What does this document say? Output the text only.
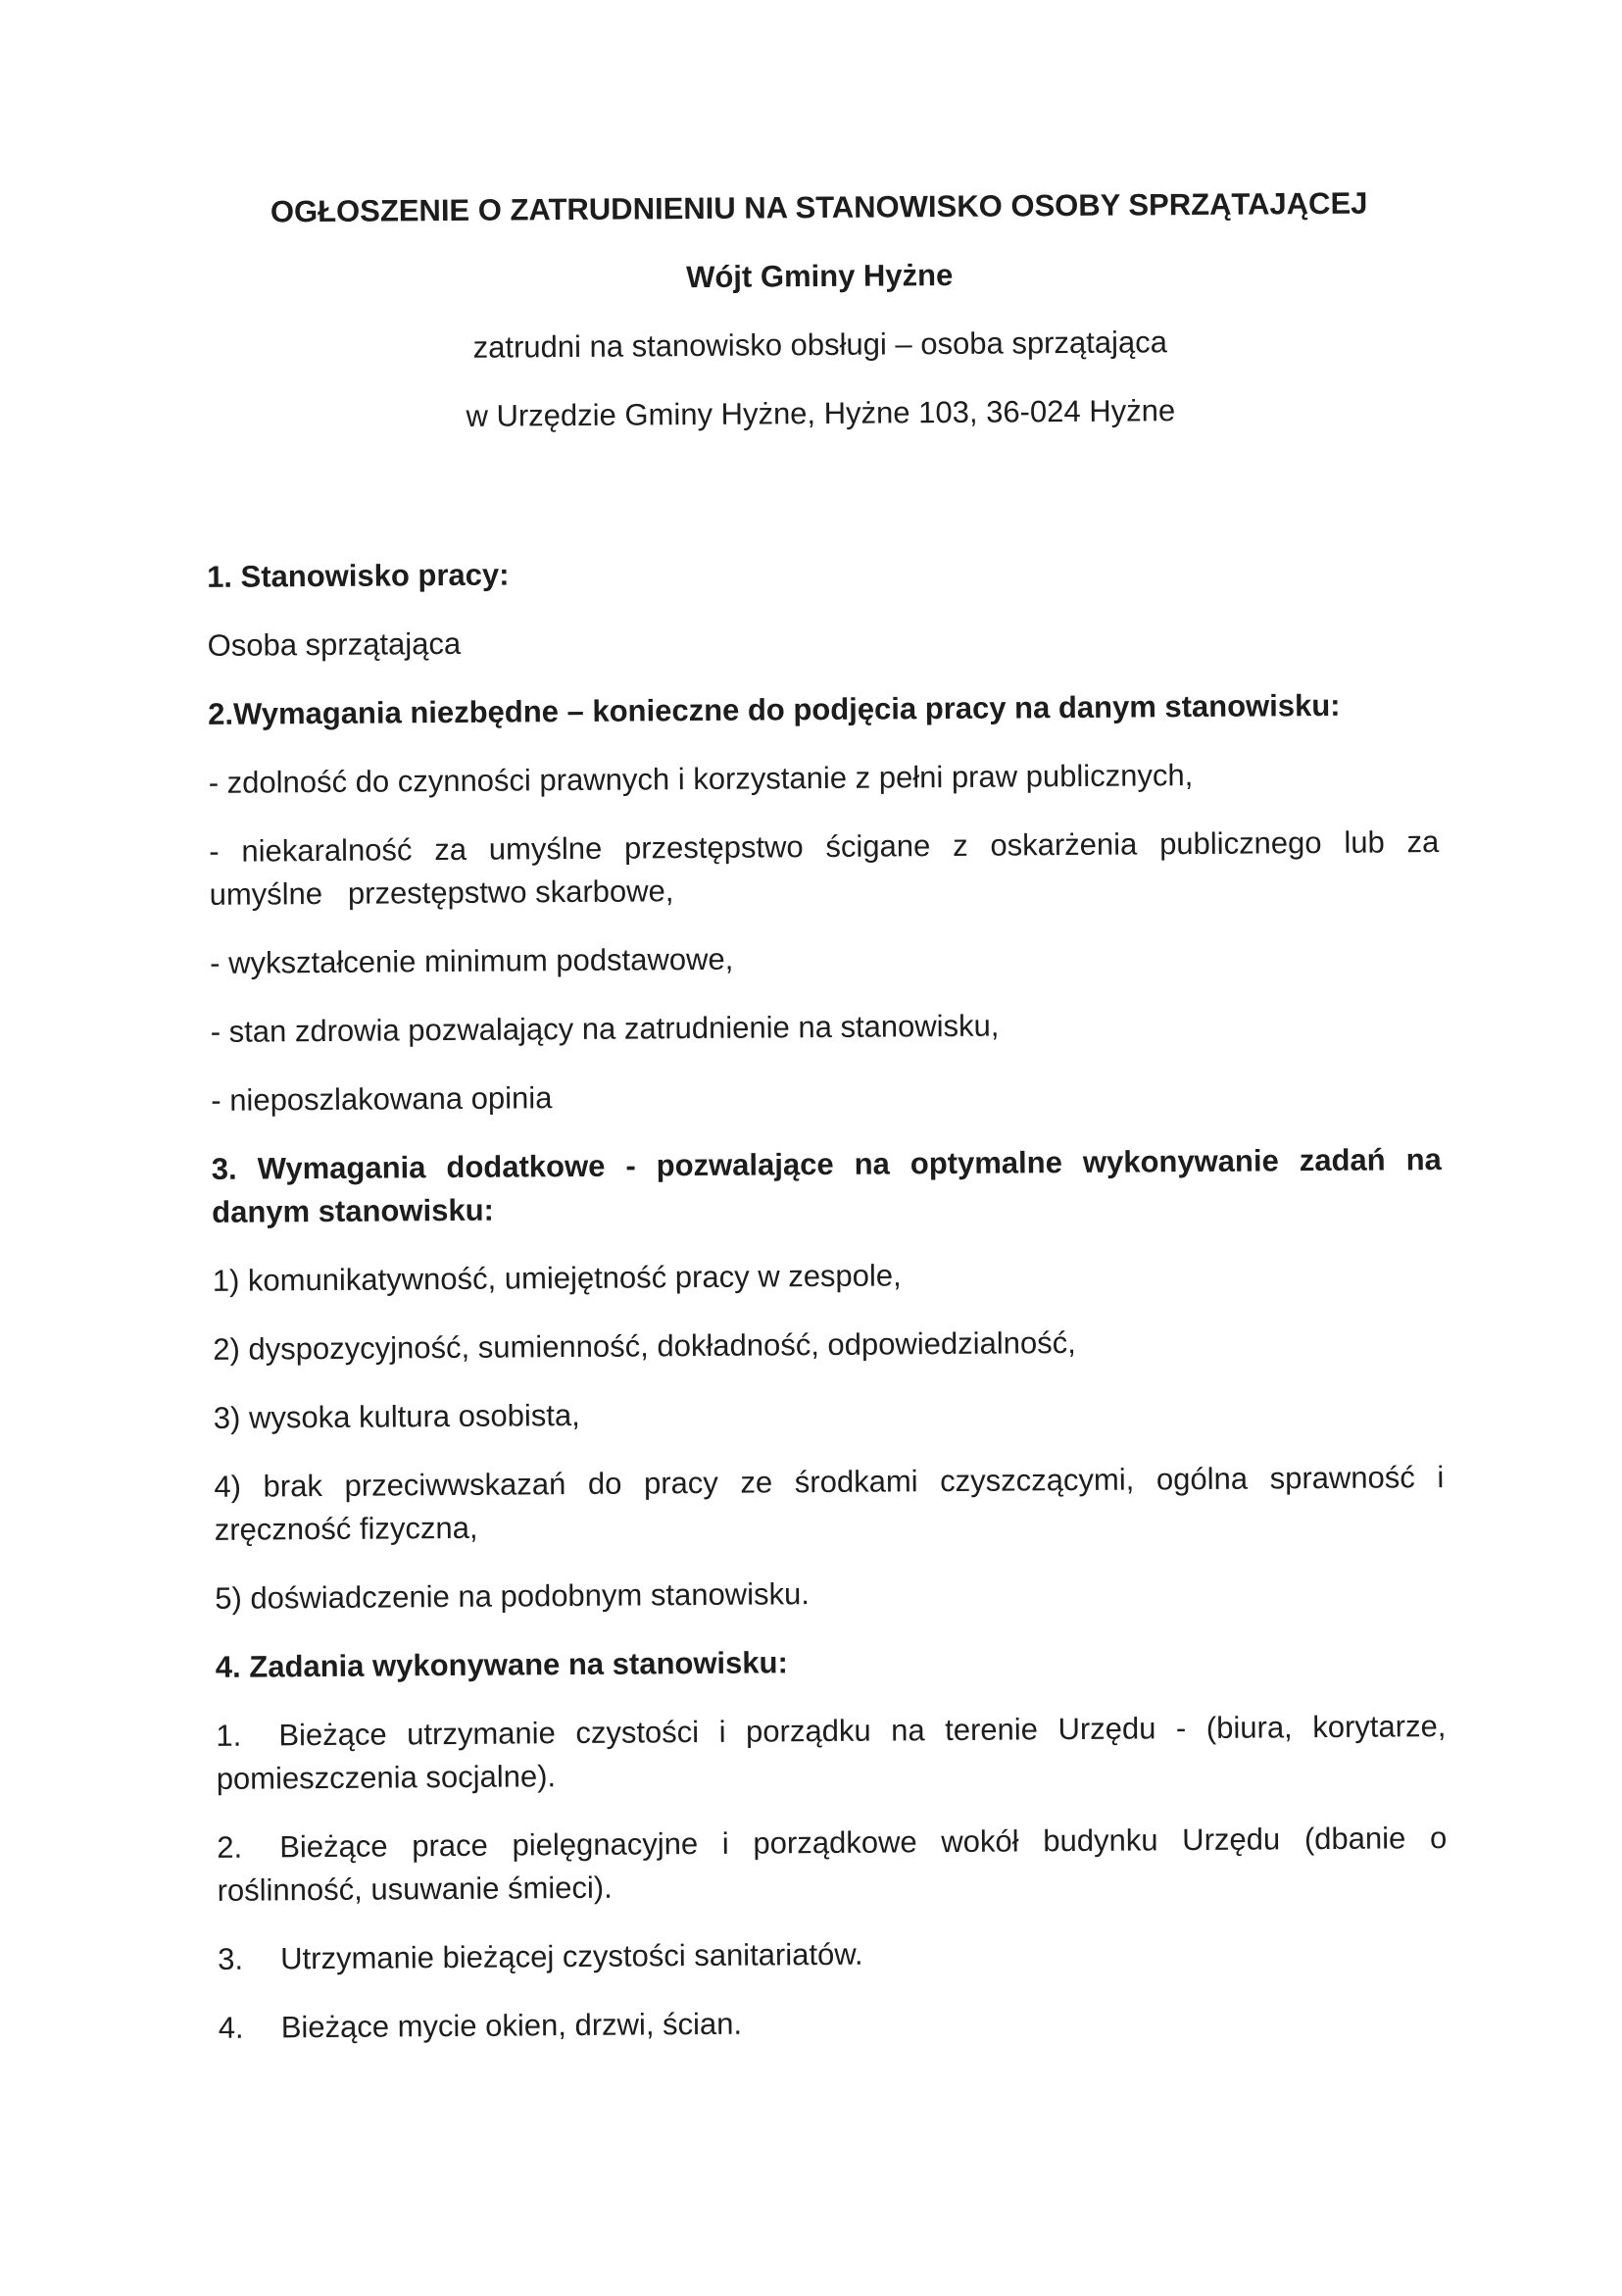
OGŁOSZENIE O ZATRUDNIENIU NA STANOWISKO OSOBY SPRZĄTAJĄCEJ

Wójt Gminy Hyżne

zatrudni na stanowisko obsługi – osoba sprzątająca

w Urzędzie Gminy Hyżne, Hyżne 103, 36-024 Hyżne

1. Stanowisko pracy:

Osoba sprzątająca

2.Wymagania niezbędne – konieczne do podjęcia pracy na danym stanowisku:

- zdolność do czynności prawnych i korzystanie z pełni praw publicznych,

- niekaralność za umyślne przestępstwo ścigane z oskarżenia publicznego lub za umyślne   przestępstwo skarbowe,

- wykształcenie minimum podstawowe,

- stan zdrowia pozwalający na zatrudnienie na stanowisku,

- nieposzlakowana opinia

3. Wymagania dodatkowe - pozwalające na optymalne wykonywanie zadań na danym stanowisku:

1) komunikatywność, umiejętność pracy w zespole,

2) dyspozycyjność, sumienność, dokładność, odpowiedzialność,

3) wysoka kultura osobista,

4) brak przeciwwskazań do pracy ze środkami czyszczącymi, ogólna sprawność i zręczność fizyczna,

5) doświadczenie na podobnym stanowisku.

4. Zadania wykonywane na stanowisku:

1. Bieżące utrzymanie czystości i porządku na terenie Urzędu - (biura, korytarze, pomieszczenia socjalne).

2. Bieżące prace pielęgnacyjne i porządkowe wokół budynku Urzędu (dbanie o roślinność, usuwanie śmieci).

3. Utrzymanie bieżącej czystości sanitariatów.

4. Bieżące mycie okien, drzwi, ścian.
